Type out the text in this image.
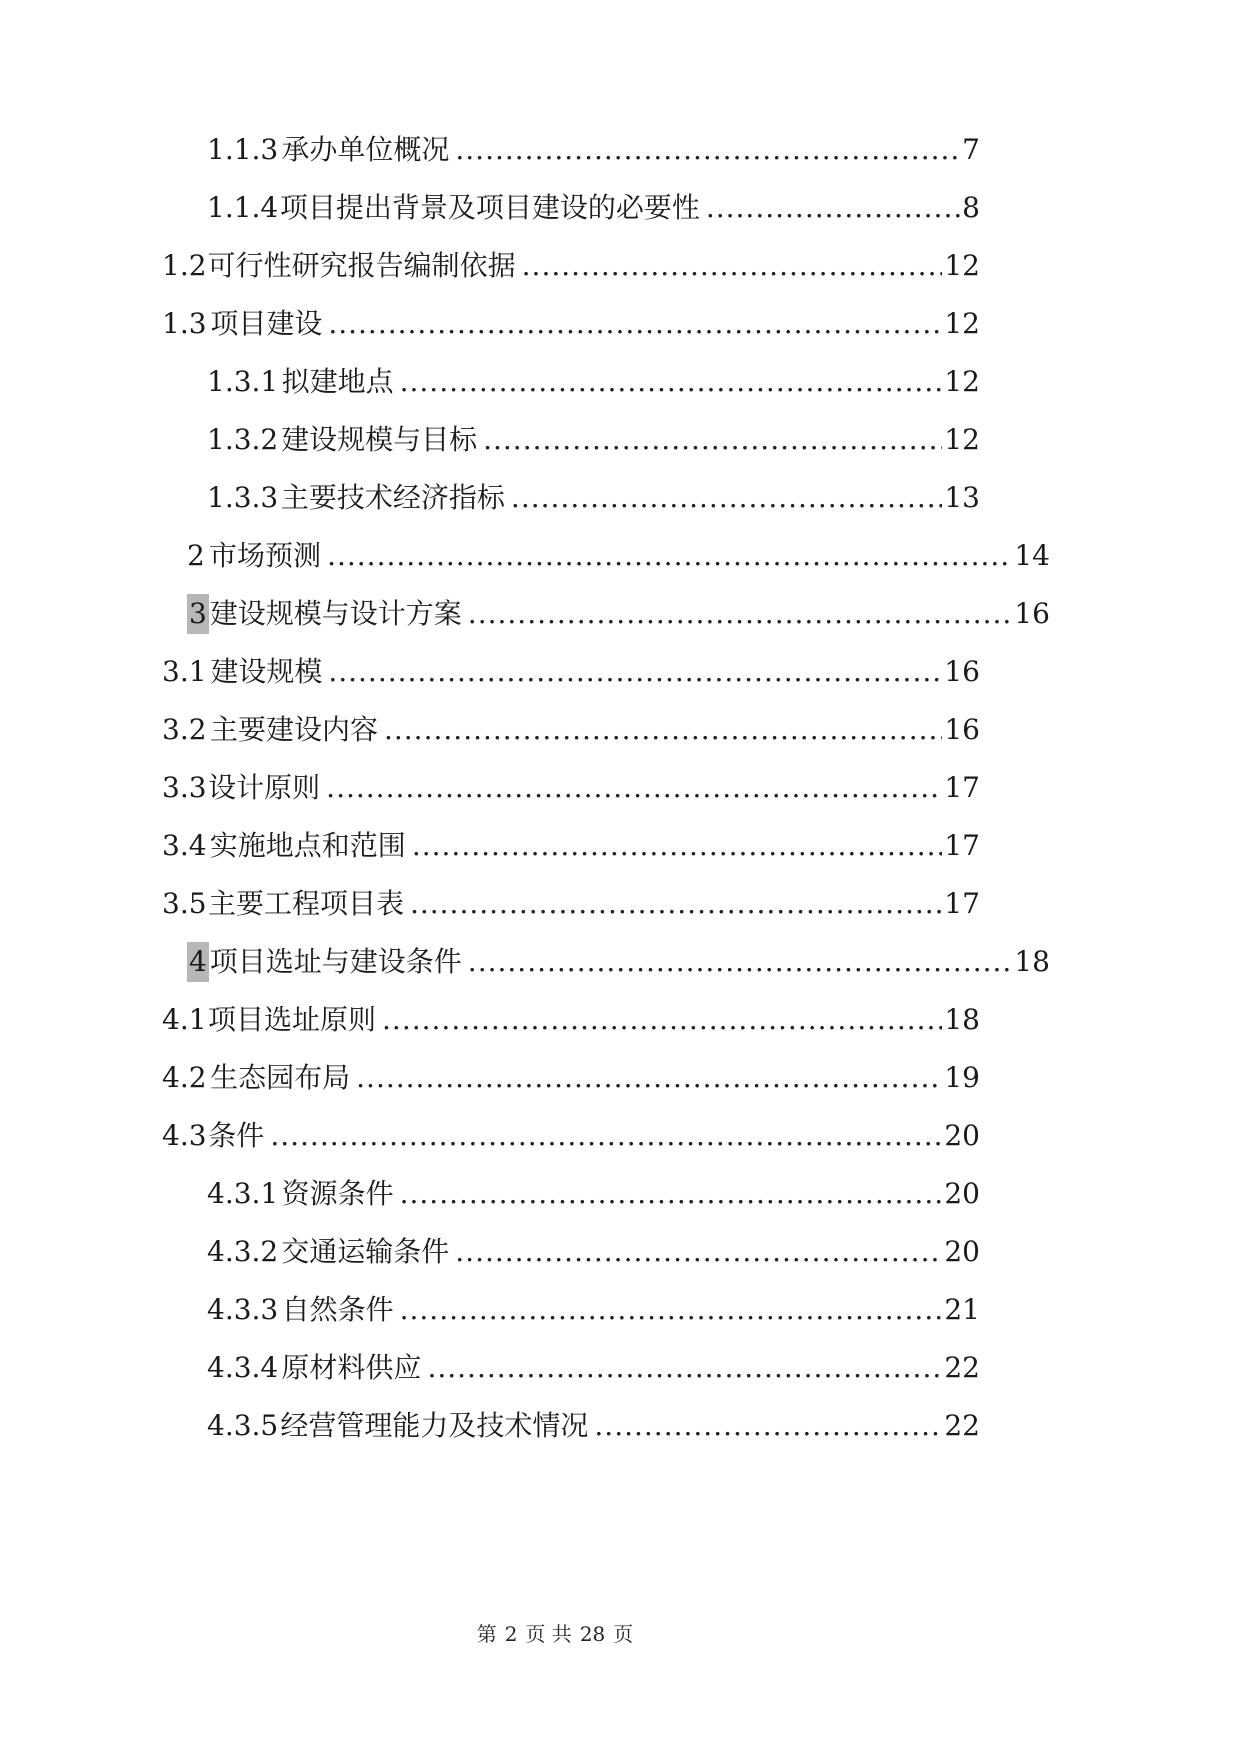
1.1.3 承办单位概况 .....	7
1.1.4 项目提出背景及项目建设的必要性 .....	8
1.2 可行性研究报告编制依据 .....	12
1.3 项目建设 .....	12
1.3.1 拟建地点 .....	12
1.3.2 建设规模与目标 .....	12
1.3.3 主要技术经济指标 .....	13
2 市场预测 .....	14
3 建设规模与设计方案 .....	16
3.1 建设规模 .....	16
3.2 主要建设内容 .....	16
3.3 设计原则 .....	17
3.4 实施地点和范围 .....	17
3.5 主要工程项目表 .....	17
4 项目选址与建设条件 .....	18
4.1 项目选址原则 .....	18
4.2 生态园布局 .....	19
4.3 条件 .....	20
4.3.1 资源条件 .....	20
4.3.2 交通运输条件 .....	20
4.3.3 自然条件 .....	21
4.3.4 原材料供应 .....	22
4.3.5 经营管理能力及技术情况 .....	22
第 2 页 共 28 页
